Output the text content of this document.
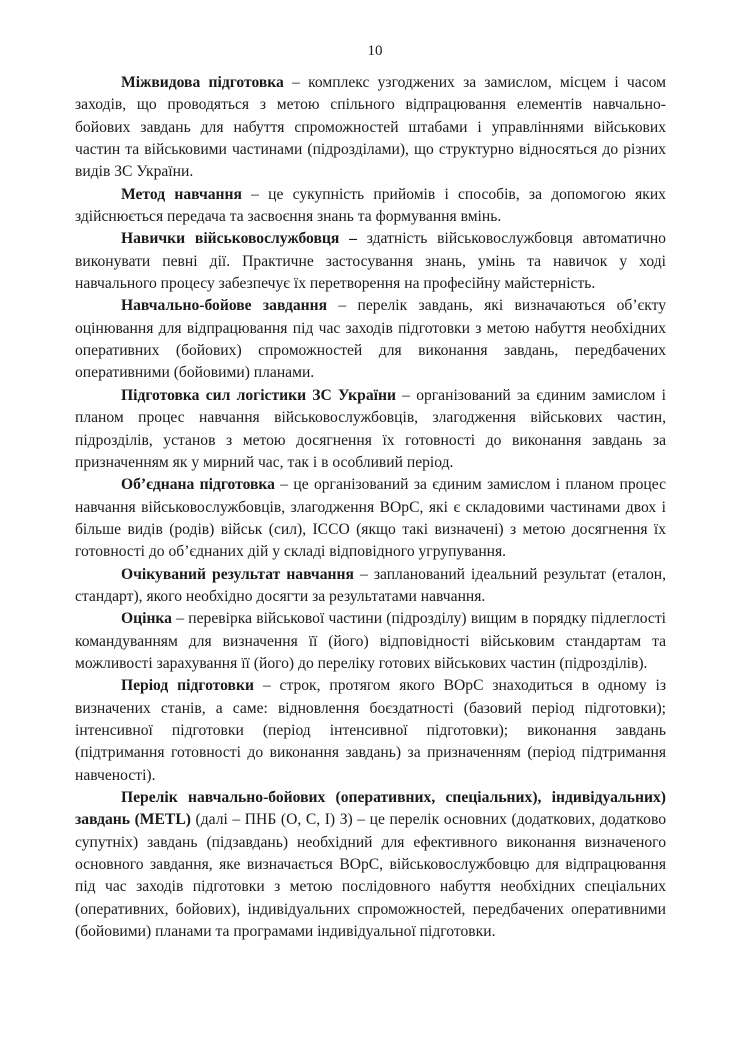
10

Міжвидова підготовка – комплекс узгоджених за замислом, місцем і часом заходів, що проводяться з метою спільного відпрацювання елементів навчально-бойових завдань для набуття спроможностей штабами і управліннями військових частин та військовими частинами (підрозділами), що структурно відносяться до різних видів ЗС України.

Метод навчання – це сукупність прийомів і способів, за допомогою яких здійснюється передача та засвоєння знань та формування вмінь.

Навички військовослужбовця – здатність військовослужбовця автоматично виконувати певні дії. Практичне застосування знань, умінь та навичок у ході навчального процесу забезпечує їх перетворення на професійну майстерність.

Навчально-бойове завдання – перелік завдань, які визначаються об’єкту оцінювання для відпрацювання під час заходів підготовки з метою набуття необхідних оперативних (бойових) спроможностей для виконання завдань, передбачених оперативними (бойовими) планами.

Підготовка сил логістики ЗС України – організований за єдиним замислом і планом процес навчання військовослужбовців, злагодження військових частин, підрозділів, установ з метою досягнення їх готовності до виконання завдань за призначенням як у мирний час, так і в особливий період.

Об’єднана підготовка – це організований за єдиним замислом і планом процес навчання військовослужбовців, злагодження ВОрС, які є складовими частинами двох і більше видів (родів) військ (сил), ІССО (якщо такі визначені) з метою досягнення їх готовності до об’єднаних дій у складі відповідного угрупування.

Очікуваний результат навчання – запланований ідеальний результат (еталон, стандарт), якого необхідно досягти за результатами навчання.

Оцінка – перевірка військової частини (підрозділу) вищим в порядку підлеглості командуванням для визначення її (його) відповідності військовим стандартам та можливості зарахування її (його) до переліку готових військових частин (підрозділів).

Період підготовки – строк, протягом якого ВОрС знаходиться в одному із визначених станів, а саме: відновлення боєздатності (базовий період підготовки); інтенсивної підготовки (період інтенсивної підготовки); виконання завдань (підтримання готовності до виконання завдань) за призначенням (період підтримання навченості).

Перелік навчально-бойових (оперативних, спеціальних), індивідуальних) завдань (METL) (далі – ПНБ (О, С, І) З) – це перелік основних (додаткових, додатково супутніх) завдань (підзавдань) необхідний для ефективного виконання визначеного основного завдання, яке визначається ВОрС, військовослужбовцю для відпрацювання під час заходів підготовки з метою послідовного набуття необхідних спеціальних (оперативних, бойових), індивідуальних спроможностей, передбачених оперативними (бойовими) планами та програмами індивідуальної підготовки.
